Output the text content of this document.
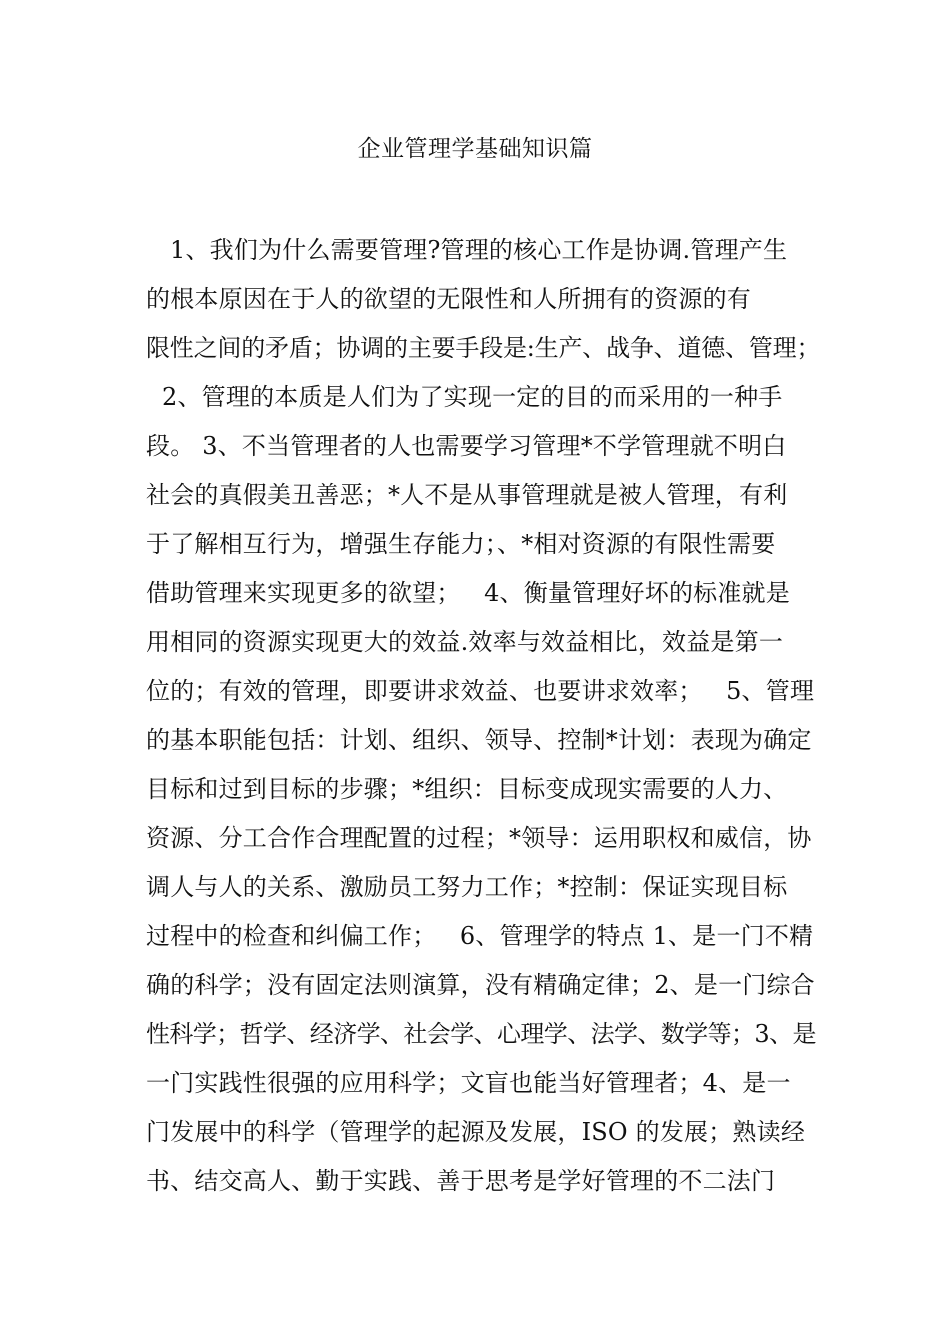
企业管理学基础知识篇
1、我们为什么需要管理?管理的核心工作是协调.管理产生
的根本原因在于人的欲望的无限性和人所拥有的资源的有
限性之间的矛盾；协调的主要手段是:生产、战争、道德、管理；
2、管理的本质是人们为了实现一定的目的而采用的一种手
段。 3、不当管理者的人也需要学习管理*不学管理就不明白
社会的真假美丑善恶；*人不是从事管理就是被人管理，有利
于了解相互行为，增强生存能力；、*相对资源的有限性需要
借助管理来实现更多的欲望；   4、衡量管理好坏的标准就是
用相同的资源实现更大的效益.效率与效益相比，效益是第一
位的；有效的管理，即要讲求效益、也要讲求效率；   5、管理
的基本职能包括：计划、组织、领导、控制*计划：表现为确定
目标和过到目标的步骤；*组织：目标变成现实需要的人力、
资源、分工合作合理配置的过程；*领导：运用职权和威信，协
调人与人的关系、激励员工努力工作；*控制：保证实现目标
过程中的检查和纠偏工作；   6、管理学的特点 1、是一门不精
确的科学；没有固定法则演算，没有精确定律；2、是一门综合
性科学；哲学、经济学、社会学、心理学、法学、数学等；3、是
一门实践性很强的应用科学；文盲也能当好管理者；4、是一
门发展中的科学（管理学的起源及发展，ISO 的发展；熟读经
书、结交高人、勤于实践、善于思考是学好管理的不二法门
